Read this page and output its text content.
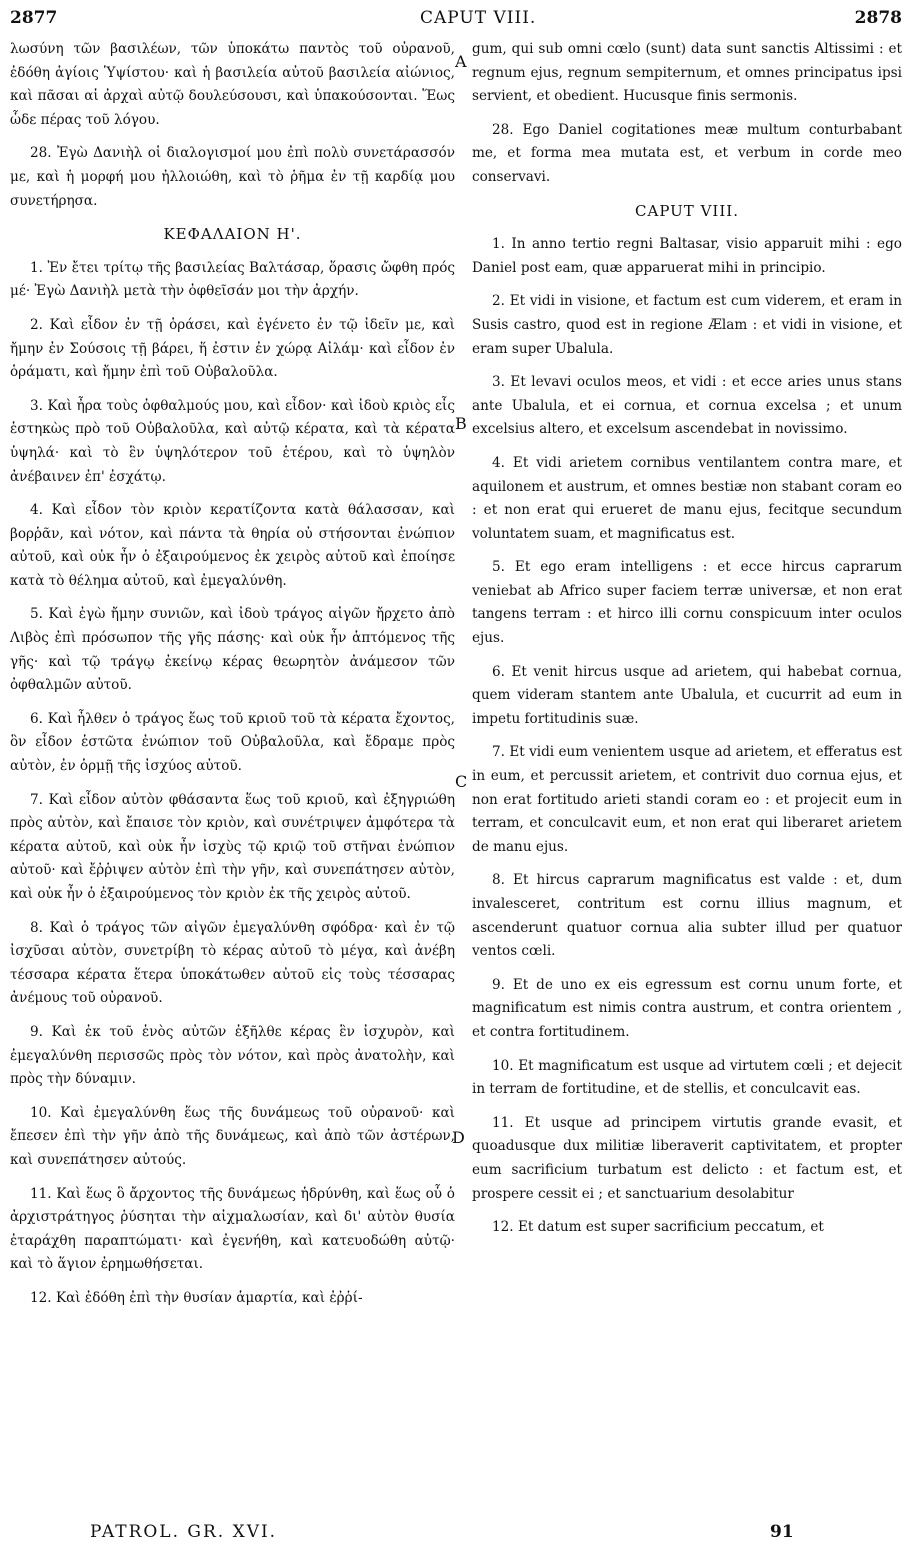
2877	CAPUT VIII.	2878
A
B
C
D

λωσύνη τῶν βασιλέων, τῶν ὑποκάτω παντὸς τοῦ οὐρανοῦ, ἐδόθη ἁγίοις Ὑψίστου· καὶ ἡ βασιλεία αὐτοῦ βασιλεία αἰώνιος, καὶ πᾶσαι αἱ ἀρχαὶ αὐτῷ δουλεύσουσι, καὶ ὑπακούσονται. Ἕως ὧδε πέρας τοῦ λόγου.

28. Ἐγὼ Δανιὴλ οἱ διαλογισμοί μου ἐπὶ πολὺ συνετάρασσόν με, καὶ ἡ μορφή μου ἠλλοιώθη, καὶ τὸ ῥῆμα ἐν τῇ καρδίᾳ μου συνετήρησα.

ΚΕΦΑΛΑΙΟΝ Η'.

1. Ἐν ἔτει τρίτῳ τῆς βασιλείας Βαλτάσαρ, ὅρασις ὤφθη πρός μέ· Ἐγὼ Δανιὴλ μετὰ τὴν ὀφθεῖσάν μοι τὴν ἀρχήν.

2. Καὶ εἶδον ἐν τῇ ὁράσει, καὶ ἐγένετο ἐν τῷ ἰδεῖν με, καὶ ἤμην ἐν Σούσοις τῇ βάρει, ἥ ἐστιν ἐν χώρᾳ Αἰλάμ· καὶ εἶδον ἐν ὁράματι, καὶ ἤμην ἐπὶ τοῦ Οὐβαλοῦλα.

3. Καὶ ἦρα τοὺς ὀφθαλμούς μου, καὶ εἶδον· καὶ ἰδοὺ κριὸς εἷς ἑστηκὼς πρὸ τοῦ Οὐβαλοῦλα, καὶ αὐτῷ κέρατα, καὶ τὰ κέρατα ὑψηλά· καὶ τὸ ἓν ὑψηλότερον τοῦ ἑτέρου, καὶ τὸ ὑψηλὸν ἀνέβαινεν ἐπ' ἐσχάτῳ.

4. Καὶ εἶδον τὸν κριὸν κερατίζοντα κατὰ θάλασσαν, καὶ βορῥᾶν, καὶ νότον, καὶ πάντα τὰ θηρία οὐ στήσονται ἐνώπιον αὐτοῦ, καὶ οὐκ ἦν ὁ ἐξαιρούμενος ἐκ χειρὸς αὐτοῦ καὶ ἐποίησε κατὰ τὸ θέλημα αὐτοῦ, καὶ ἐμεγαλύνθη.

5. Καὶ ἐγὼ ἤμην συνιῶν, καὶ ἰδοὺ τράγος αἰγῶν ἤρχετο ἀπὸ Λιβὸς ἐπὶ πρόσωπον τῆς γῆς πάσης· καὶ οὐκ ἦν ἁπτόμενος τῆς γῆς· καὶ τῷ τράγῳ ἐκείνῳ κέρας θεωρητὸν ἀνάμεσον τῶν ὀφθαλμῶν αὐτοῦ.

6. Καὶ ἦλθεν ὁ τράγος ἕως τοῦ κριοῦ τοῦ τὰ κέρατα ἔχοντος, ὃν εἶδον ἑστῶτα ἐνώπιον τοῦ Οὐβαλοῦλα, καὶ ἔδραμε πρὸς αὐτὸν, ἐν ὁρμῇ τῆς ἰσχύος αὐτοῦ.

7. Καὶ εἶδον αὐτὸν φθάσαντα ἕως τοῦ κριοῦ, καὶ ἐξηγριώθη πρὸς αὐτὸν, καὶ ἔπαισε τὸν κριὸν, καὶ συνέτριψεν ἀμφότερα τὰ κέρατα αὐτοῦ, καὶ οὐκ ἦν ἰσχὺς τῷ κριῷ τοῦ στῆναι ἐνώπιον αὐτοῦ· καὶ ἔῤῥιψεν αὐτὸν ἐπὶ τὴν γῆν, καὶ συνεπάτησεν αὐτὸν, καὶ οὐκ ἦν ὁ ἐξαιρούμενος τὸν κριὸν ἐκ τῆς χειρὸς αὐτοῦ.

8. Καὶ ὁ τράγος τῶν αἰγῶν ἐμεγαλύνθη σφόδρα· καὶ ἐν τῷ ἰσχῦσαι αὐτὸν, συνετρίβη τὸ κέρας αὐτοῦ τὸ μέγα, καὶ ἀνέβη τέσσαρα κέρατα ἕτερα ὑποκάτωθεν αὐτοῦ εἰς τοὺς τέσσαρας ἀνέμους τοῦ οὐρανοῦ.

9. Καὶ ἐκ τοῦ ἑνὸς αὐτῶν ἐξῆλθε κέρας ἓν ἰσχυρὸν, καὶ ἐμεγαλύνθη περισσῶς πρὸς τὸν νότον, καὶ πρὸς ἀνατολὴν, καὶ πρὸς τὴν δύναμιν.

10. Καὶ ἐμεγαλύνθη ἕως τῆς δυνάμεως τοῦ οὐρανοῦ· καὶ ἔπεσεν ἐπὶ τὴν γῆν ἀπὸ τῆς δυνάμεως, καὶ ἀπὸ τῶν ἀστέρων, καὶ συνεπάτησεν αὐτούς.

11. Καὶ ἕως ὃ ἄρχοντος τῆς δυνάμεως ἡδρύνθη, καὶ ἕως οὗ ὁ ἀρχιστράτηγος ῥύσηται τὴν αἰχμαλωσίαν, καὶ δι' αὐτὸν θυσία ἐταράχθη παραπτώματι· καὶ ἐγενήθη, καὶ κατευοδώθη αὐτῷ· καὶ τὸ ἅγιον ἐρημωθήσεται.

12. Καὶ ἐδόθη ἐπὶ τὴν θυσίαν ἁμαρτία, καὶ ἐῤῥί-

gum, qui sub omni cœlo (sunt) data sunt sanctis Altissimi : et regnum ejus, regnum sempiternum, et omnes principatus ipsi servient, et obedient. Hucusque finis sermonis.

28. Ego Daniel cogitationes meæ multum conturbabant me, et forma mea mutata est, et verbum in corde meo conservavi.

CAPUT VIII.

1. In anno tertio regni Baltasar, visio apparuit mihi : ego Daniel post eam, quæ apparuerat mihi in principio.

2. Et vidi in visione, et factum est cum viderem, et eram in Susis castro, quod est in regione Ælam : et vidi in visione, et eram super Ubalula.

3. Et levavi oculos meos, et vidi : et ecce aries unus stans ante Ubalula, et ei cornua, et cornua excelsa ; et unum excelsius altero, et excelsum ascendebat in novissimo.

4. Et vidi arietem cornibus ventilantem contra mare, et aquilonem et austrum, et omnes bestiæ non stabant coram eo : et non erat qui erueret de manu ejus, fecitque secundum voluntatem suam, et magnificatus est.

5. Et ego eram intelligens : et ecce hircus caprarum veniebat ab Africo super faciem terræ universæ, et non erat tangens terram : et hirco illi cornu conspicuum inter oculos ejus.

6. Et venit hircus usque ad arietem, qui habebat cornua, quem videram stantem ante Ubalula, et cucurrit ad eum in impetu fortitudinis suæ.

7. Et vidi eum venientem usque ad arietem, et efferatus est in eum, et percussit arietem, et contrivit duo cornua ejus, et non erat fortitudo arieti standi coram eo : et projecit eum in terram, et conculcavit eum, et non erat qui liberaret arietem de manu ejus.

8. Et hircus caprarum magnificatus est valde : et, dum invalesceret, contritum est cornu illius magnum, et ascenderunt quatuor cornua alia subter illud per quatuor ventos cœli.

9. Et de uno ex eis egressum est cornu unum forte, et magnificatum est nimis contra austrum, et contra orientem , et contra fortitudinem.

10. Et magnificatum est usque ad virtutem cœli ; et dejecit in terram de fortitudine, et de stellis, et conculcavit eas.

11. Et usque ad principem virtutis grande evasit, et quoadusque dux militiæ liberaverit captivitatem, et propter eum sacrificium turbatum est delicto : et factum est, et prospere cessit ei ; et sanctuarium desolabitur

12. Et datum est super sacrificium peccatum, et

PATROL. GR. XVI.	91
